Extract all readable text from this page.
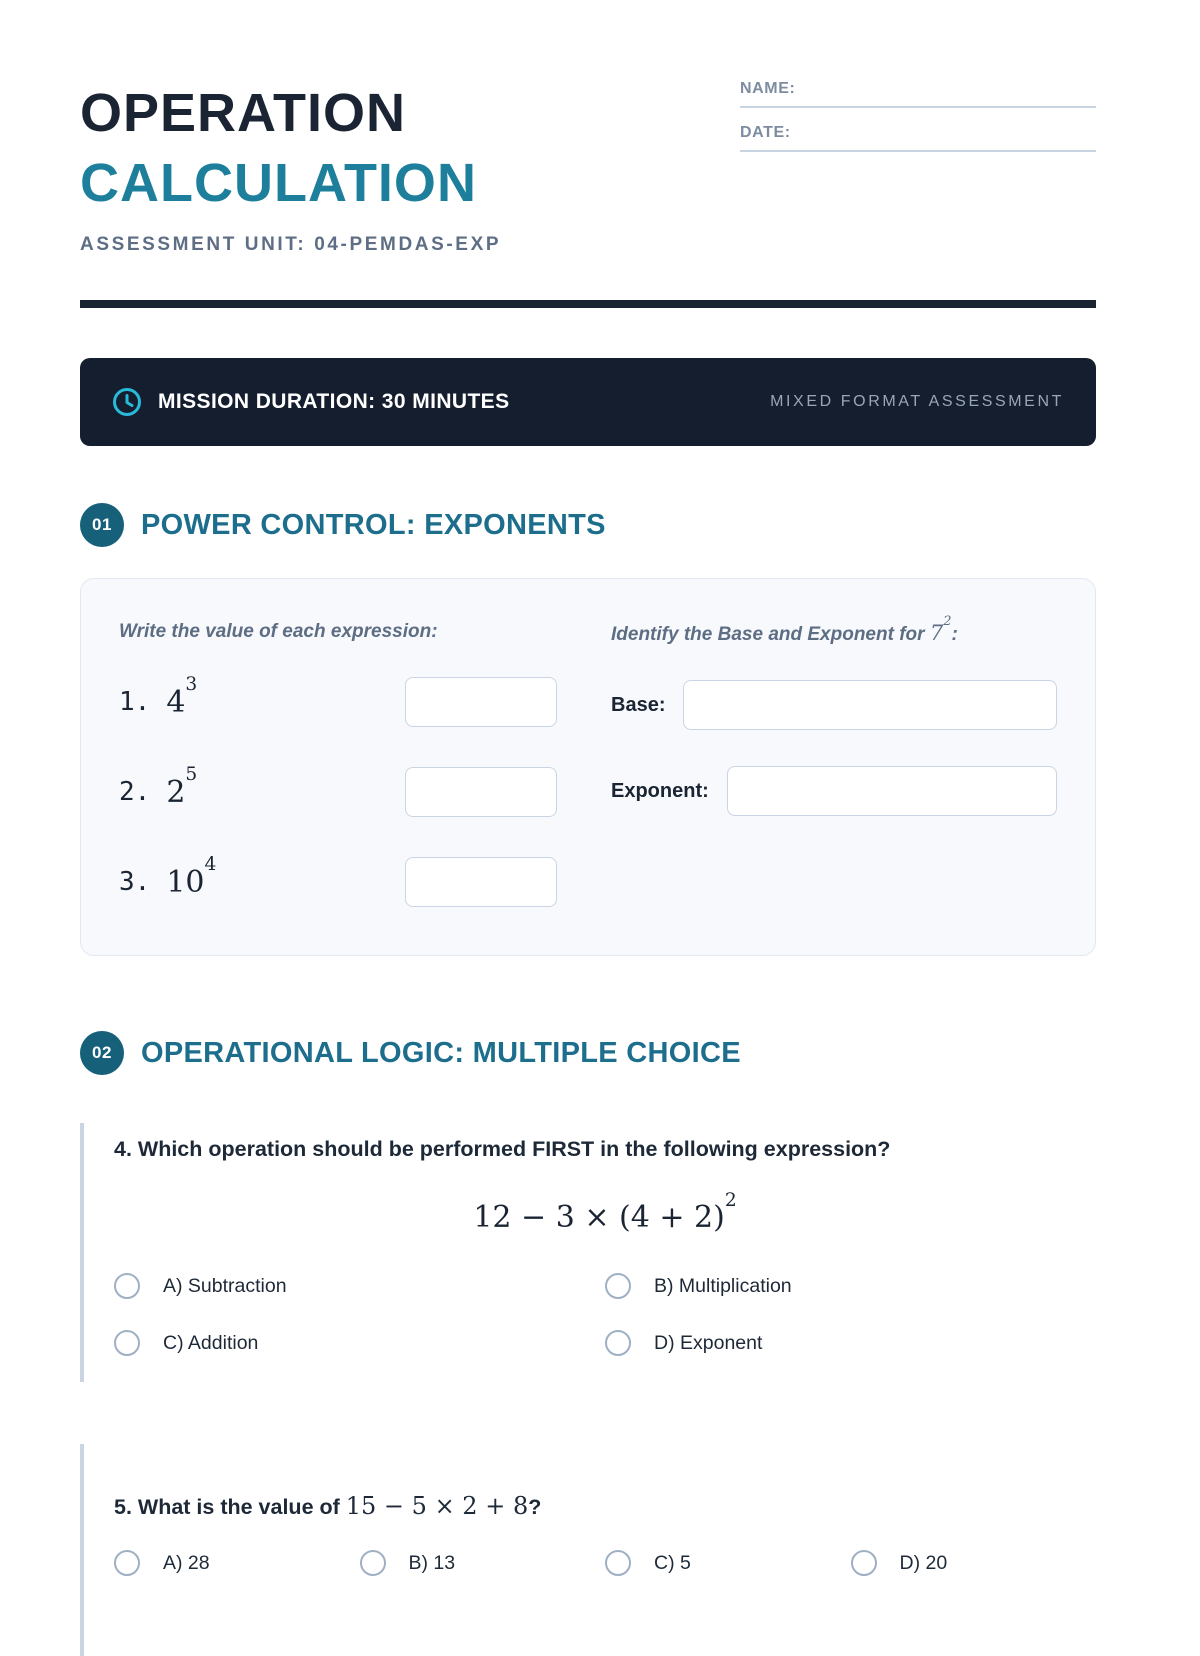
OPERATION
CALCULATION
ASSESSMENT UNIT: 04-PEMDAS-EXP
NAME:
DATE:
MISSION DURATION: 30 MINUTES	MIXED FORMAT ASSESSMENT
01	POWER CONTROL: EXPONENTS
Write the value of each expression:
1. $4^3$
2. $2^5$
3. $10^4$
Identify the Base and Exponent for $7^2$:
Base:
Exponent:
02	OPERATIONAL LOGIC: MULTIPLE CHOICE
4. Which operation should be performed FIRST in the following expression?
$12 - 3 \times (4 + 2)^2$
A) Subtraction	B) Multiplication
C) Addition	D) Exponent
5. What is the value of 15 − 5 × 2 + 8?
A) 28	B) 13	C) 5	D) 20
